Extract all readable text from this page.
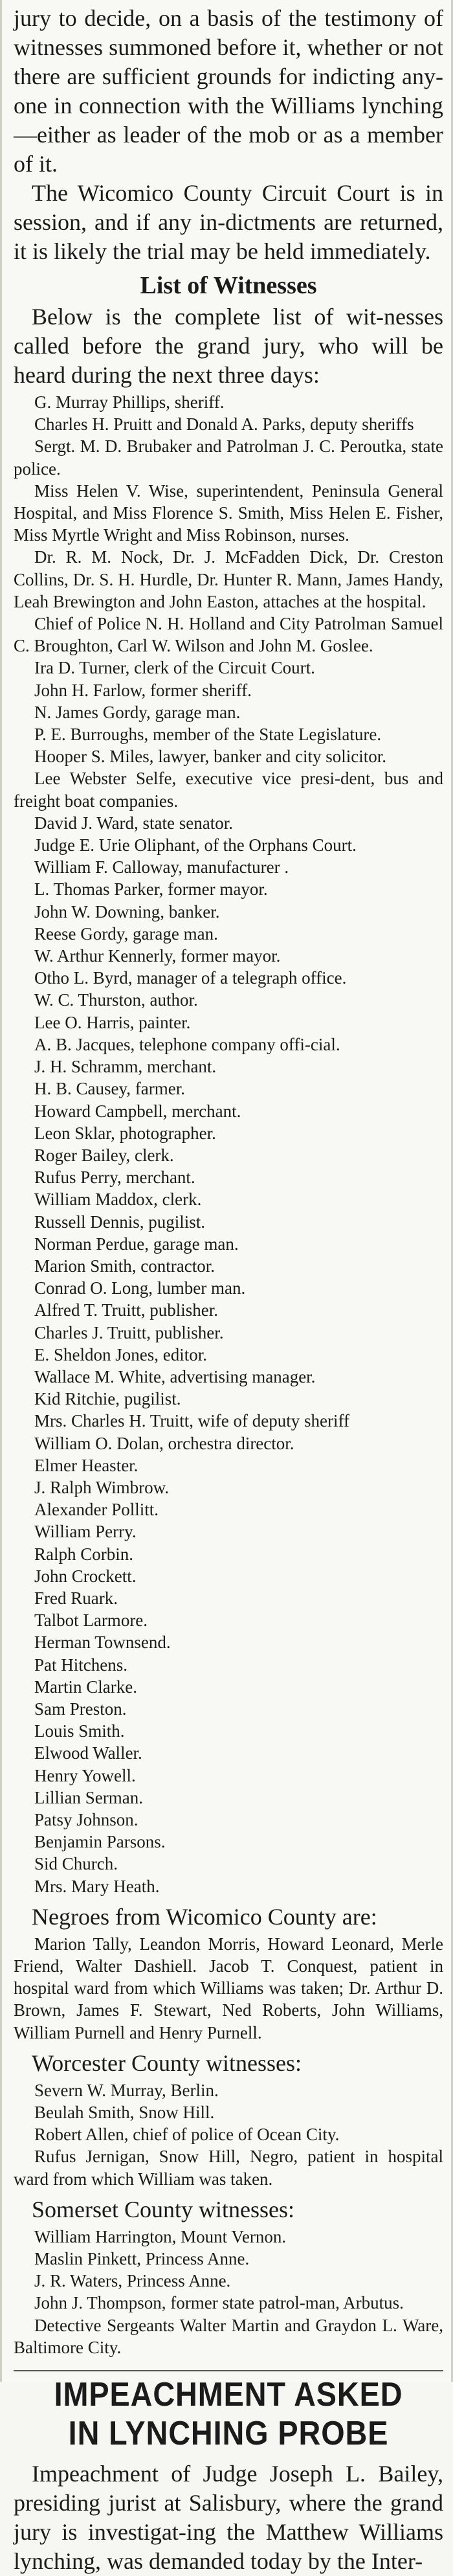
jury to decide, on a basis of the testimony of witnesses summoned before it, whether or not there are sufficient grounds for indicting any-one in connection with the Williams lynching—either as leader of the mob or as a member of it.

The Wicomico County Circuit Court is in session, and if any in-dictments are returned, it is likely the trial may be held immediately.

List of Witnesses

Below is the complete list of wit-nesses called before the grand jury, who will be heard during the next three days:

G. Murray Phillips, sheriff.
Charles H. Pruitt and Donald A. Parks, deputy sheriffs
Sergt. M. D. Brubaker and Patrolman J. C. Peroutka, state police.
Miss Helen V. Wise, superintendent, Peninsula General Hospital, and Miss Florence S. Smith, Miss Helen E. Fisher, Miss Myrtle Wright and Miss Robinson, nurses.
Dr. R. M. Nock, Dr. J. McFadden Dick, Dr. Creston Collins, Dr. S. H. Hurdle, Dr. Hunter R. Mann, James Handy, Leah Brewington and John Easton, attaches at the hospital.
Chief of Police N. H. Holland and City Patrolman Samuel C. Broughton, Carl W. Wilson and John M. Goslee.
Ira D. Turner, clerk of the Circuit Court.
John H. Farlow, former sheriff.
N. James Gordy, garage man.
P. E. Burroughs, member of the State Legislature.
Hooper S. Miles, lawyer, banker and city solicitor.
Lee Webster Selfe, executive vice presi-dent, bus and freight boat companies.
David J. Ward, state senator.
Judge E. Urie Oliphant, of the Orphans Court.
William F. Calloway, manufacturer .
L. Thomas Parker, former mayor.
John W. Downing, banker.
Reese Gordy, garage man.
W. Arthur Kennerly, former mayor.
Otho L. Byrd, manager of a telegraph office.
W. C. Thurston, author.
Lee O. Harris, painter.
A. B. Jacques, telephone company offi-cial.
J. H. Schramm, merchant.
H. B. Causey, farmer.
Howard Campbell, merchant.
Leon Sklar, photographer.
Roger Bailey, clerk.
Rufus Perry, merchant.
William Maddox, clerk.
Russell Dennis, pugilist.
Norman Perdue, garage man.
Marion Smith, contractor.
Conrad O. Long, lumber man.
Alfred T. Truitt, publisher.
Charles J. Truitt, publisher.
E. Sheldon Jones, editor.
Wallace M. White, advertising manager.
Kid Ritchie, pugilist.
Mrs. Charles H. Truitt, wife of deputy sheriff
William O. Dolan, orchestra director.
Elmer Heaster.
J. Ralph Wimbrow.
Alexander Pollitt.
William Perry.
Ralph Corbin.
John Crockett.
Fred Ruark.
Talbot Larmore.
Herman Townsend.
Pat Hitchens.
Martin Clarke.
Sam Preston.
Louis Smith.
Elwood Waller.
Henry Yowell.
Lillian Serman.
Patsy Johnson.
Benjamin Parsons.
Sid Church.
Mrs. Mary Heath.

Negroes from Wicomico County are:

Marion Tally, Leandon Morris, Howard Leonard, Merle Friend, Walter Dashiell. Jacob T. Conquest, patient in hospital ward from which Williams was taken; Dr. Arthur D. Brown, James F. Stewart, Ned Roberts, John Williams, William Purnell and Henry Purnell.

Worcester County witnesses:

Severn W. Murray, Berlin.
Beulah Smith, Snow Hill.
Robert Allen, chief of police of Ocean City.
Rufus Jernigan, Snow Hill, Negro, patient in hospital ward from which William was taken.

Somerset County witnesses:

William Harrington, Mount Vernon.
Maslin Pinkett, Princess Anne.
J. R. Waters, Princess Anne.
John J. Thompson, former state patrol-man, Arbutus.
Detective Sergeants Walter Martin and Graydon L. Ware, Baltimore City.
IMPEACHMENT ASKED
IN LYNCHING PROBE

Impeachment of Judge Joseph L. Bailey, presiding jurist at Salisbury, where the grand jury is investigat-ing the Matthew Williams lynching, was demanded today by the Inter-
